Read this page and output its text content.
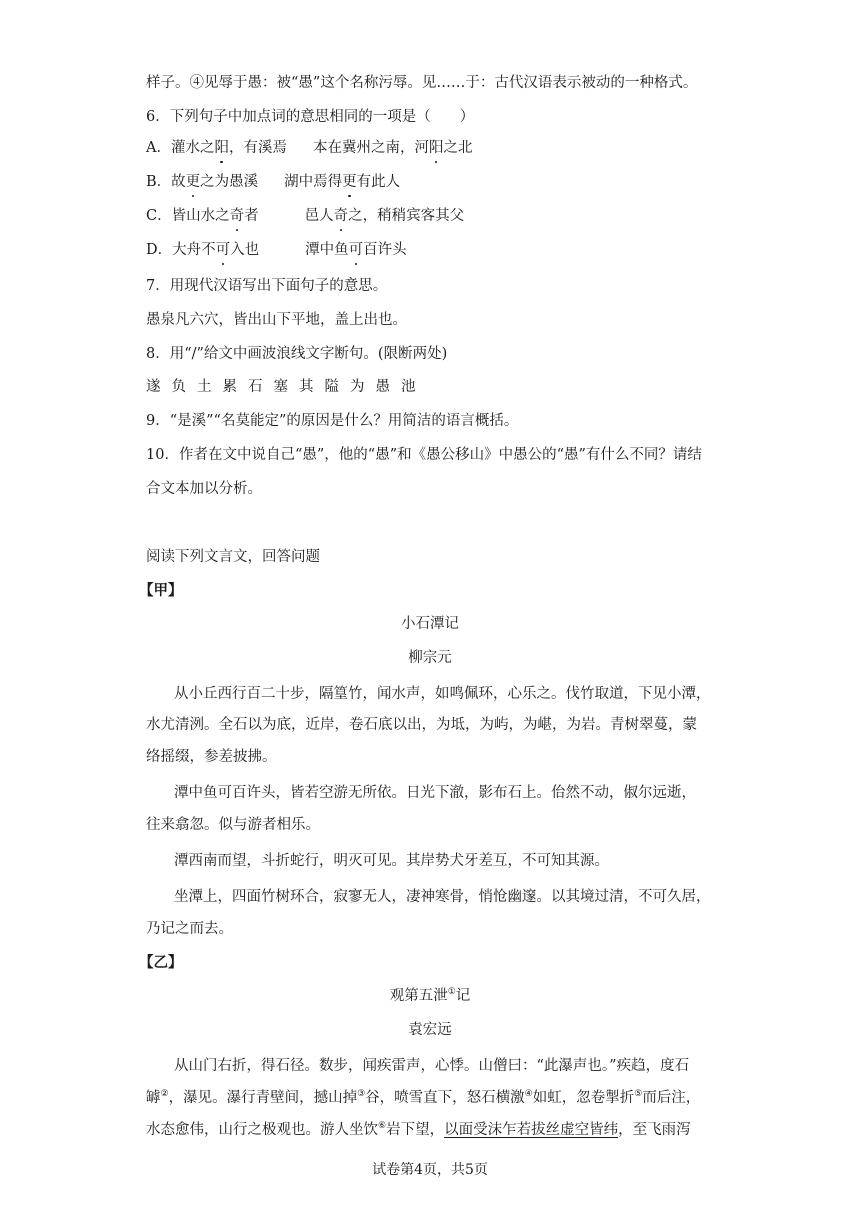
样子。④见辱于愚：被“愚”这个名称污辱。见……于：古代汉语表示被动的一种格式。
6．下列句子中加点词的意思相同的一项是（　　）
A．灌水之阳，有溪焉 本在冀州之南，河阳之北
B．故更之为愚溪 湖中焉得更有此人
C．皆山水之奇者	邑人奇之，稍稍宾客其父
D．大舟不可入也	潭中鱼可百许头
7．用现代汉语写出下面句子的意思。
愚泉凡六穴，皆出山下平地，盖上出也。
8．用“/”给文中画波浪线文字断句。(限断两处)
遂负土累石塞其隘为愚池
9．“是溪”“名莫能定”的原因是什么？用简洁的语言概括。
10．作者在文中说自己“愚”，他的“愚”和《愚公移山》中愚公的“愚”有什么不同？请结
合文本加以分析。
阅读下列文言文，回答问题
【甲】
小石潭记
柳宗元
从小丘西行百二十步，隔篁竹，闻水声，如鸣佩环，心乐之。伐竹取道，下见小潭，
水尤清洌。全石以为底，近岸，卷石底以出，为坻，为屿，为嵁，为岩。青树翠蔓，蒙
络摇缀，参差披拂。
潭中鱼可百许头，皆若空游无所依。日光下澈，影布石上。佁然不动，俶尔远逝，
往来翕忽。似与游者相乐。
潭西南而望，斗折蛇行，明灭可见。其岸势犬牙差互，不可知其源。
坐潭上，四面竹树环合，寂寥无人，凄神寒骨，悄怆幽邃。以其境过清，不可久居，
乃记之而去。
【乙】
观第五泄①记
袁宏远
从山门右折，得石径。数步，闻疾雷声，心悸。山僧曰：“此瀑声也。”疾趋，度石
罅②，瀑见。瀑行青壁间，撼山掉③谷，喷雪直下，怒石横激④如虹，忽卷掣折⑤而后注，
水态愈伟，山行之极观也。游人坐饮⑥岩下望，以面受沫乍若拔丝虚空皆纬，至飞雨泻
试卷第4页，共5页
